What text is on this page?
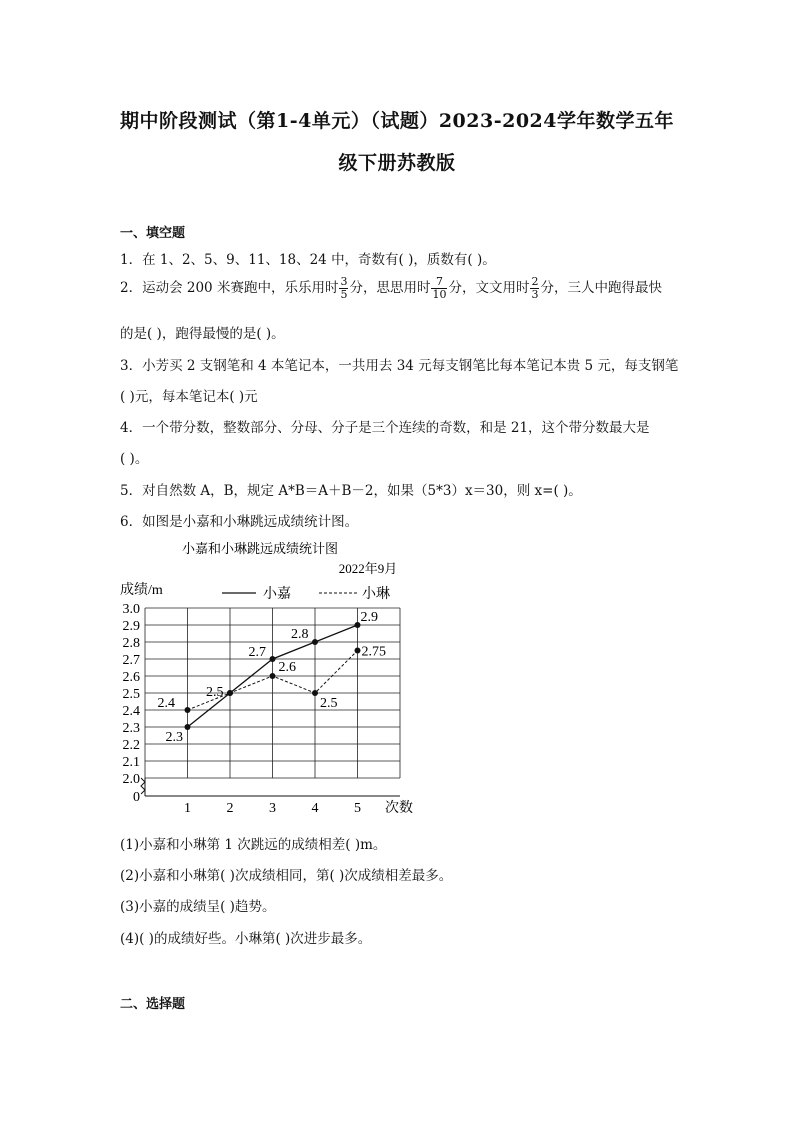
期中阶段测试（第1-4单元）（试题）2023-2024学年数学五年
级下册苏教版
一、填空题
1．在 1、2、5、9、11、18、24 中，奇数有( )，质数有( )。
2．运动会 200 米赛跑中，乐乐用时 $\frac{3}{5}$ 分，思思用时 $\frac{7}{10}$ 分，文文用时 $\frac{2}{3}$ 分，三人中跑得最快
的是( )，跑得最慢的是( )。
3．小芳买 2 支钢笔和 4 本笔记本，一共用去 34 元每支钢笔比每本笔记本贵 5 元，每支钢笔
( )元，每本笔记本( )元
4．一个带分数，整数部分、分母、分子是三个连续的奇数，和是 21，这个带分数最大是
( )。
5．对自然数 A，B，规定 A*B＝A＋B－2，如果（5*3）x＝30，则 x=( )。
6．如图是小嘉和小琳跳远成绩统计图。
小嘉和小琳跳远成绩统计图
2022年9月
成绩/m
次数
小嘉	小琳
0
2.0
2.1
2.2
2.3
2.4
2.5
2.6
2.7
2.8
2.9
3.0
1	2	3	4	5
2.3
2.5
2.7
2.8
2.9
2.4
2.6
2.5
2.75
(1)小嘉和小琳第 1 次跳远的成绩相差( )m。
(2)小嘉和小琳第( )次成绩相同，第( )次成绩相差最多。
(3)小嘉的成绩呈( )趋势。
(4)( )的成绩好些。小琳第( )次进步最多。
二、选择题
